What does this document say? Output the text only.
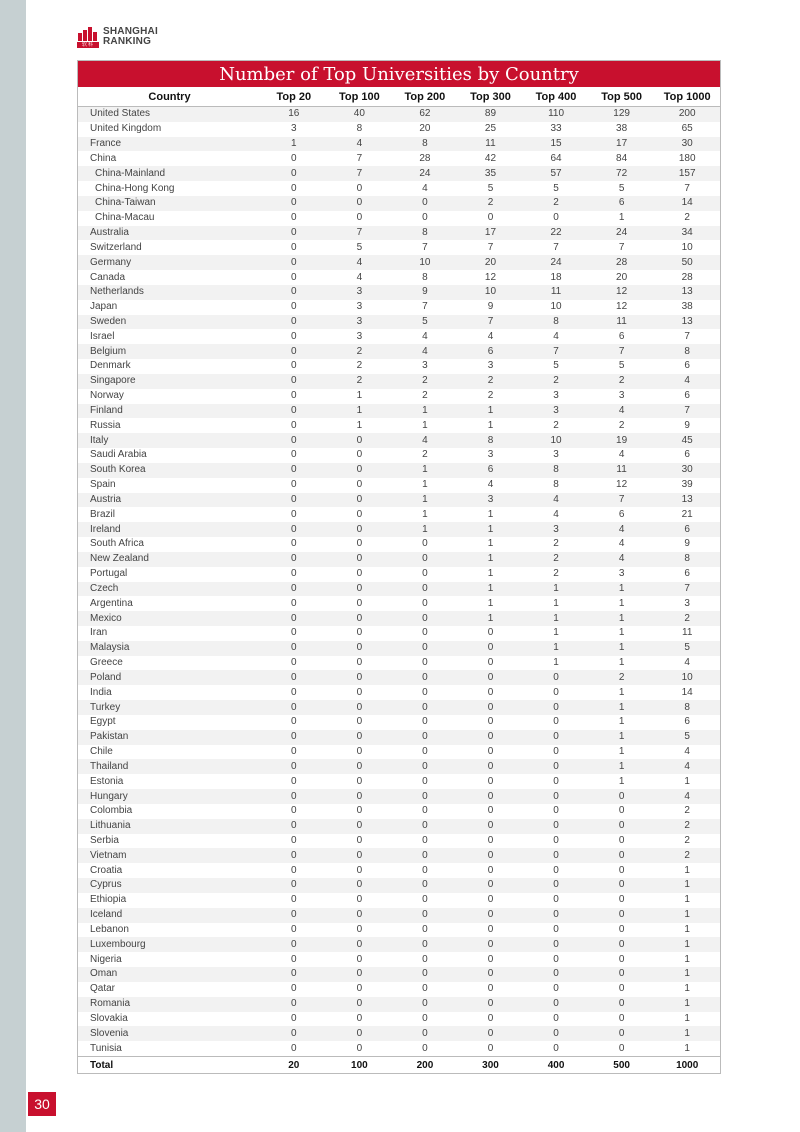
软科
SHANGHAI
RANKING
Number of Top Universities by Country
Country	Top 20	Top 100	Top 200	Top 300	Top 400	Top 500	Top 1000
United States	16	40	62	89	110	129	200
United Kingdom	3	8	20	25	33	38	65
France	1	4	8	11	15	17	30
China	0	7	28	42	64	84	180
China-Mainland	0	7	24	35	57	72	157
China-Hong Kong	0	0	4	5	5	5	7
China-Taiwan	0	0	0	2	2	6	14
China-Macau	0	0	0	0	0	1	2
Australia	0	7	8	17	22	24	34
Switzerland	0	5	7	7	7	7	10
Germany	0	4	10	20	24	28	50
Canada	0	4	8	12	18	20	28
Netherlands	0	3	9	10	11	12	13
Japan	0	3	7	9	10	12	38
Sweden	0	3	5	7	8	11	13
Israel	0	3	4	4	4	6	7
Belgium	0	2	4	6	7	7	8
Denmark	0	2	3	3	5	5	6
Singapore	0	2	2	2	2	2	4
Norway	0	1	2	2	3	3	6
Finland	0	1	1	1	3	4	7
Russia	0	1	1	1	2	2	9
Italy	0	0	4	8	10	19	45
Saudi Arabia	0	0	2	3	3	4	6
South Korea	0	0	1	6	8	11	30
Spain	0	0	1	4	8	12	39
Austria	0	0	1	3	4	7	13
Brazil	0	0	1	1	4	6	21
Ireland	0	0	1	1	3	4	6
South Africa	0	0	0	1	2	4	9
New Zealand	0	0	0	1	2	4	8
Portugal	0	0	0	1	2	3	6
Czech	0	0	0	1	1	1	7
Argentina	0	0	0	1	1	1	3
Mexico	0	0	0	1	1	1	2
Iran	0	0	0	0	1	1	11
Malaysia	0	0	0	0	1	1	5
Greece	0	0	0	0	1	1	4
Poland	0	0	0	0	0	2	10
India	0	0	0	0	0	1	14
Turkey	0	0	0	0	0	1	8
Egypt	0	0	0	0	0	1	6
Pakistan	0	0	0	0	0	1	5
Chile	0	0	0	0	0	1	4
Thailand	0	0	0	0	0	1	4
Estonia	0	0	0	0	0	1	1
Hungary	0	0	0	0	0	0	4
Colombia	0	0	0	0	0	0	2
Lithuania	0	0	0	0	0	0	2
Serbia	0	0	0	0	0	0	2
Vietnam	0	0	0	0	0	0	2
Croatia	0	0	0	0	0	0	1
Cyprus	0	0	0	0	0	0	1
Ethiopia	0	0	0	0	0	0	1
Iceland	0	0	0	0	0	0	1
Lebanon	0	0	0	0	0	0	1
Luxembourg	0	0	0	0	0	0	1
Nigeria	0	0	0	0	0	0	1
Oman	0	0	0	0	0	0	1
Qatar	0	0	0	0	0	0	1
Romania	0	0	0	0	0	0	1
Slovakia	0	0	0	0	0	0	1
Slovenia	0	0	0	0	0	0	1
Tunisia	0	0	0	0	0	0	1
Total	20	100	200	300	400	500	1000
30
